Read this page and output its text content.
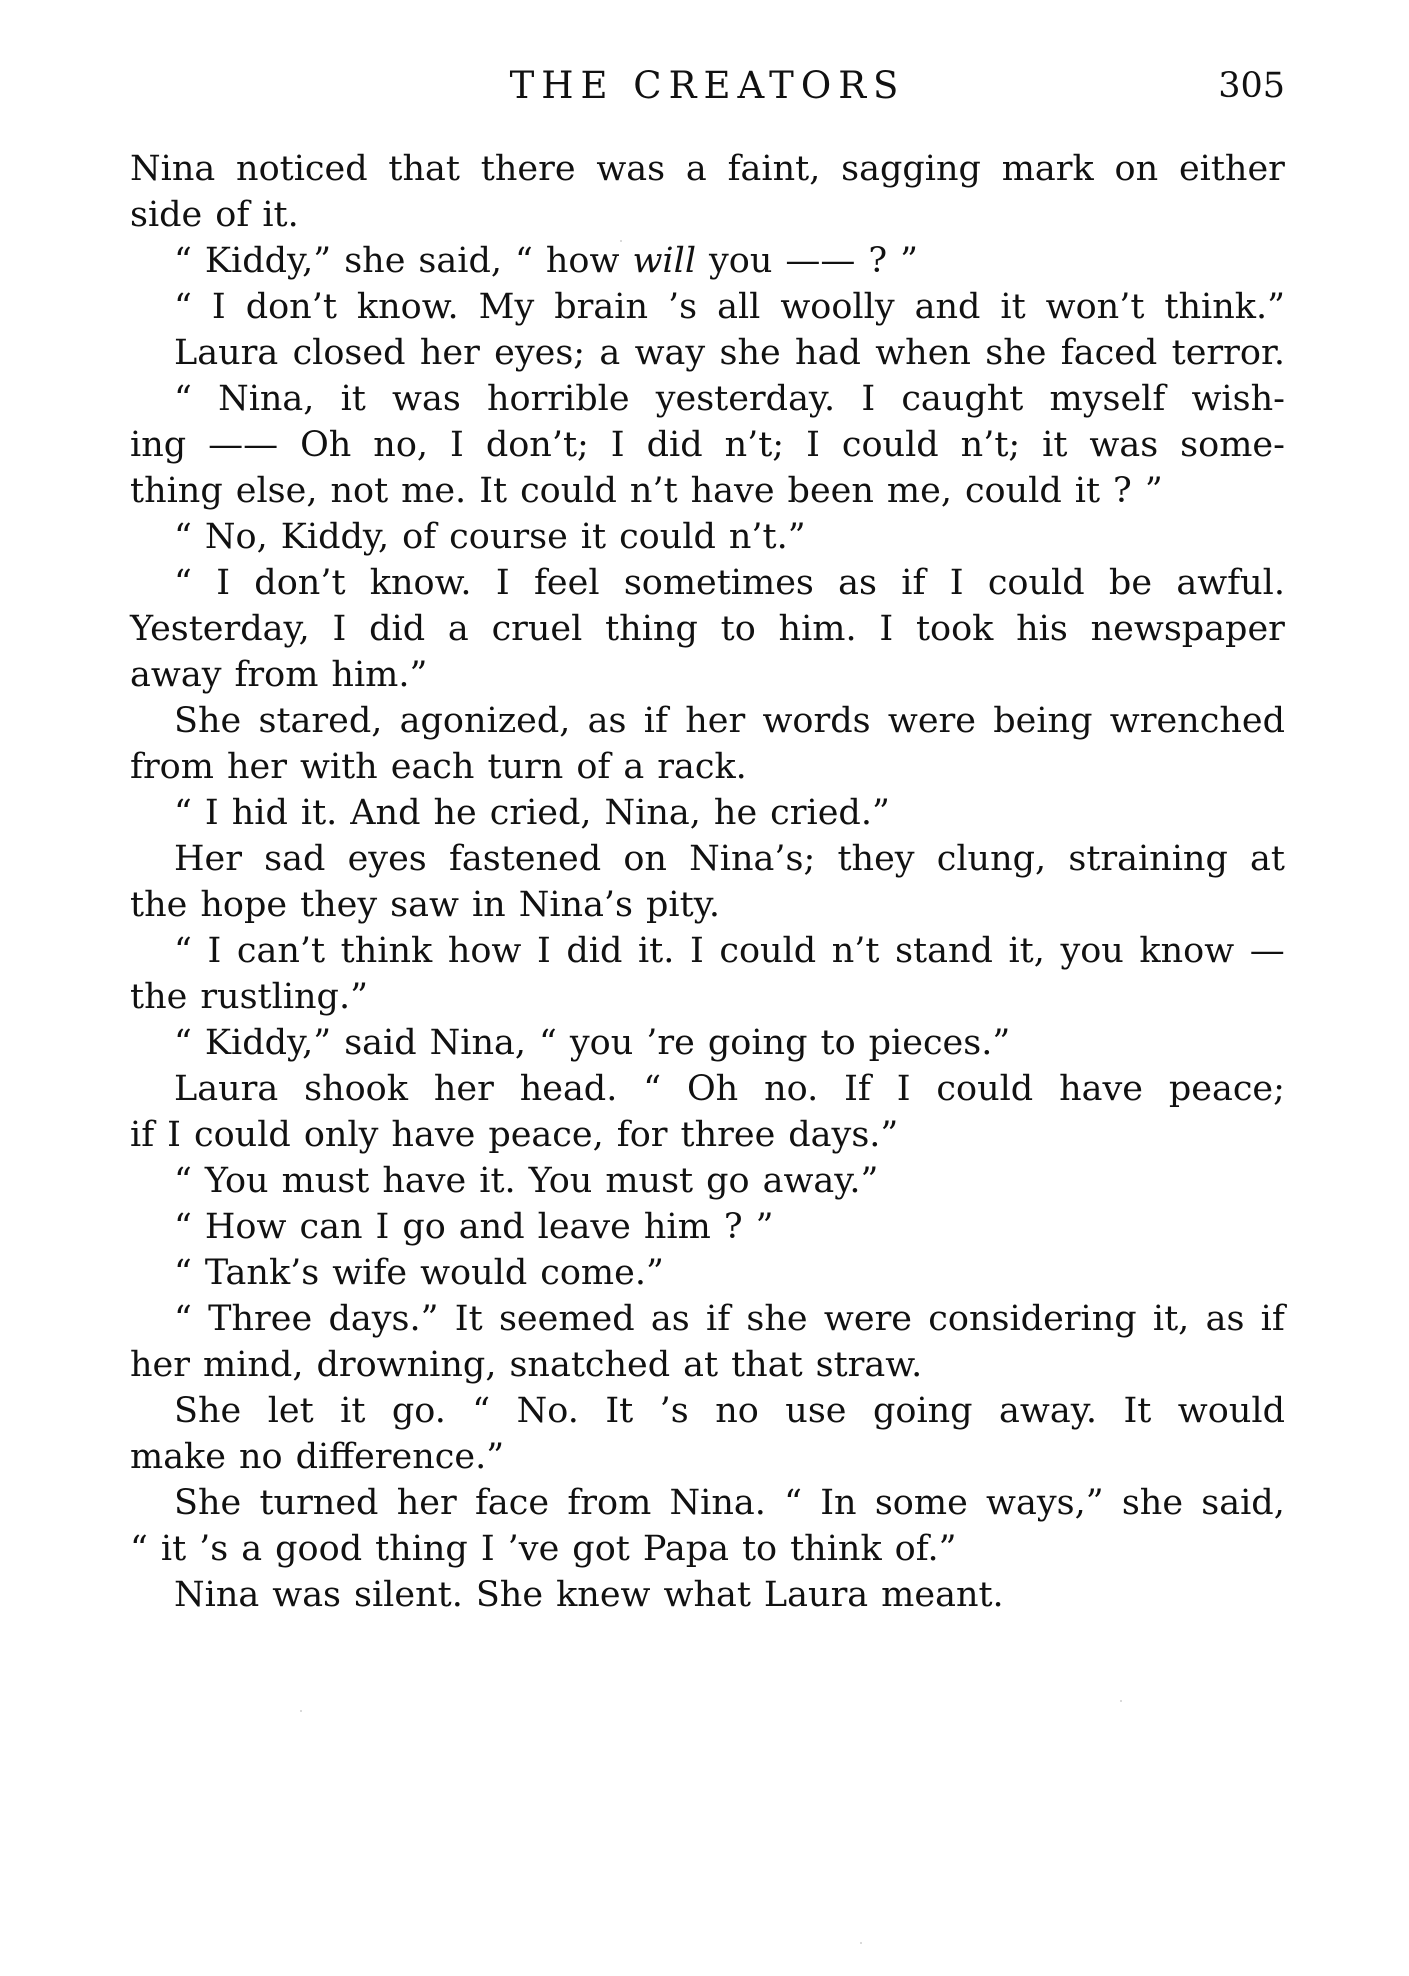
THE CREATORS	305
Nina noticed that there was a faint, sagging mark on either
side of it.
“ Kiddy,” she said, “ how will you —— ? ”
“ I don’t know. My brain ’s all woolly and it won’t think.”
Laura closed her eyes; a way she had when she faced terror.
“ Nina, it was horrible yesterday. I caught myself wish-
ing —— Oh no, I don’t; I did n’t; I could n’t; it was some-
thing else, not me. It could n’t have been me, could it ? ”
“ No, Kiddy, of course it could n’t.”
“ I don’t know. I feel sometimes as if I could be awful.
Yesterday, I did a cruel thing to him. I took his newspaper
away from him.”
She stared, agonized, as if her words were being wrenched
from her with each turn of a rack.
“ I hid it. And he cried, Nina, he cried.”
Her sad eyes fastened on Nina’s; they clung, straining at
the hope they saw in Nina’s pity.
“ I can’t think how I did it. I could n’t stand it, you know —
the rustling.”
“ Kiddy,” said Nina, “ you ’re going to pieces.”
Laura shook her head. “ Oh no. If I could have peace;
if I could only have peace, for three days.”
“ You must have it. You must go away.”
“ How can I go and leave him ? ”
“ Tank’s wife would come.”
“ Three days.” It seemed as if she were considering it, as if
her mind, drowning, snatched at that straw.
She let it go. “ No. It ’s no use going away. It would
make no difference.”
She turned her face from Nina. “ In some ways,” she said,
“ it ’s a good thing I ’ve got Papa to think of.”
Nina was silent. She knew what Laura meant.
